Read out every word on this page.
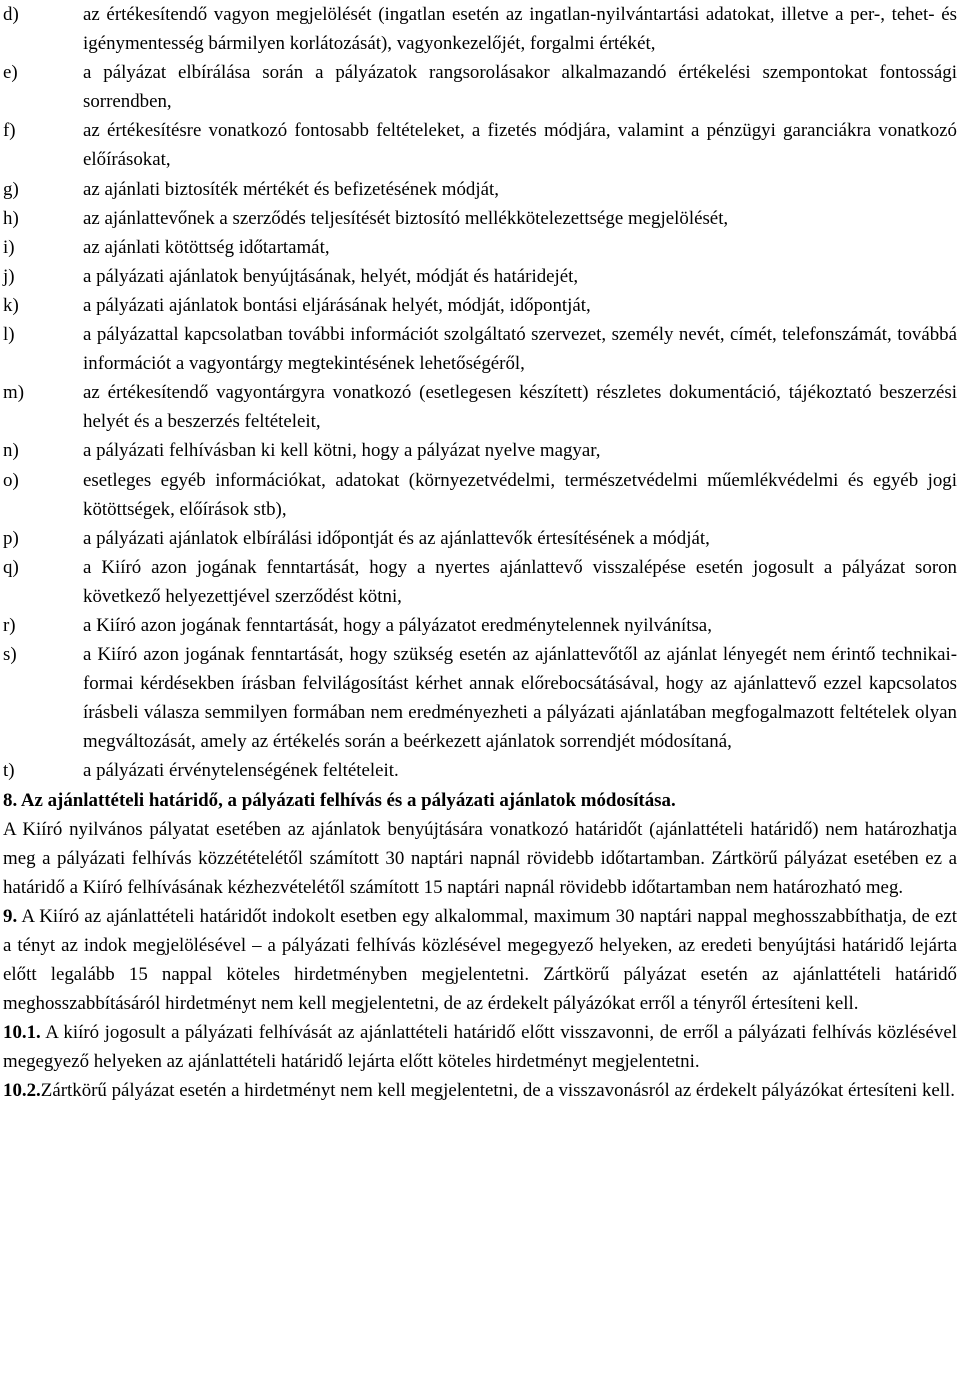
d)	az értékesítendő vagyon megjelölését (ingatlan esetén az ingatlan-nyilvántartási adatokat, illetve a per-, tehet- és igénymentesség bármilyen korlátozását), vagyonkezelőjét, forgalmi értékét,
e)	a pályázat elbírálása során a pályázatok rangsorolásakor alkalmazandó értékelési szempontokat fontossági sorrendben,
f)	az értékesítésre vonatkozó fontosabb feltételeket, a fizetés módjára, valamint a pénzügyi garanciákra vonatkozó előírásokat,
g)	az ajánlati biztosíték mértékét és befizetésének módját,
h)	az ajánlattevőnek a szerződés teljesítését biztosító mellékkötelezettsége megjelölését,
i)	az ajánlati kötöttség időtartamát,
j)	a pályázati ajánlatok benyújtásának, helyét, módját és határidejét,
k)	a pályázati ajánlatok bontási eljárásának helyét, módját, időpontját,
l)	a pályázattal kapcsolatban további információt szolgáltató szervezet, személy nevét, címét, telefonszámát, továbbá információt a vagyontárgy megtekintésének lehetőségéről,
m)	az értékesítendő vagyontárgyra vonatkozó (esetlegesen készített) részletes dokumentáció, tájékoztató beszerzési helyét és a beszerzés feltételeit,
n)	a pályázati felhívásban ki kell kötni, hogy a pályázat nyelve magyar,
o)	esetleges egyéb információkat, adatokat (környezetvédelmi, természetvédelmi műemlékvédelmi és egyéb jogi kötöttségek, előírások stb),
p)	a pályázati ajánlatok elbírálási időpontját és az ajánlattevők értesítésének a módját,
q)	a Kiíró azon jogának fenntartását, hogy a nyertes ajánlattevő visszalépése esetén jogosult a pályázat soron következő helyezettjével szerződést kötni,
r)	a Kiíró azon jogának fenntartását, hogy a pályázatot eredménytelennek nyilvánítsa,
s)	a Kiíró azon jogának fenntartását, hogy szükség esetén az ajánlattevőtől az ajánlat lényegét nem érintő technikai-formai kérdésekben írásban felvilágosítást kérhet annak előrebocsátásával, hogy az ajánlattevő ezzel kapcsolatos írásbeli válasza semmilyen formában nem eredményezheti a pályázati ajánlatában megfogalmazott feltételek olyan megváltozását, amely az értékelés során a beérkezett ajánlatok sorrendjét módosítaná,
t)	a pályázati érvénytelenségének feltételeit.
8. Az ajánlattételi határidő, a pályázati felhívás és a pályázati ajánlatok módosítása.
A Kiíró nyilvános pályatat esetében az ajánlatok benyújtására vonatkozó határidőt (ajánlattételi határidő) nem határozhatja meg a pályázati felhívás közzétételétől számított 30 naptári napnál rövidebb időtartamban. Zártkörű pályázat esetében ez a határidő a Kiíró felhívásának kézhezvételétől számított 15 naptári napnál rövidebb időtartamban nem határozható meg.
9. A Kiíró az ajánlattételi határidőt indokolt esetben egy alkalommal, maximum 30 naptári nappal meghosszabbíthatja, de ezt a tényt az indok megjelölésével – a pályázati felhívás közlésével megegyező helyeken, az eredeti benyújtási határidő lejárta előtt legalább 15 nappal köteles hirdetményben megjelentetni. Zártkörű pályázat esetén az ajánlattételi határidő meghosszabbításáról hirdetményt nem kell megjelentetni, de az érdekelt pályázókat erről a tényről értesíteni kell.
10.1. A kiíró jogosult a pályázati felhívását az ajánlattételi határidő előtt visszavonni, de erről a pályázati felhívás közlésével megegyező helyeken az ajánlattételi határidő lejárta előtt köteles hirdetményt megjelentetni.
10.2.Zártkörű pályázat esetén a hirdetményt nem kell megjelentetni, de a visszavonásról az érdekelt pályázókat értesíteni kell.
